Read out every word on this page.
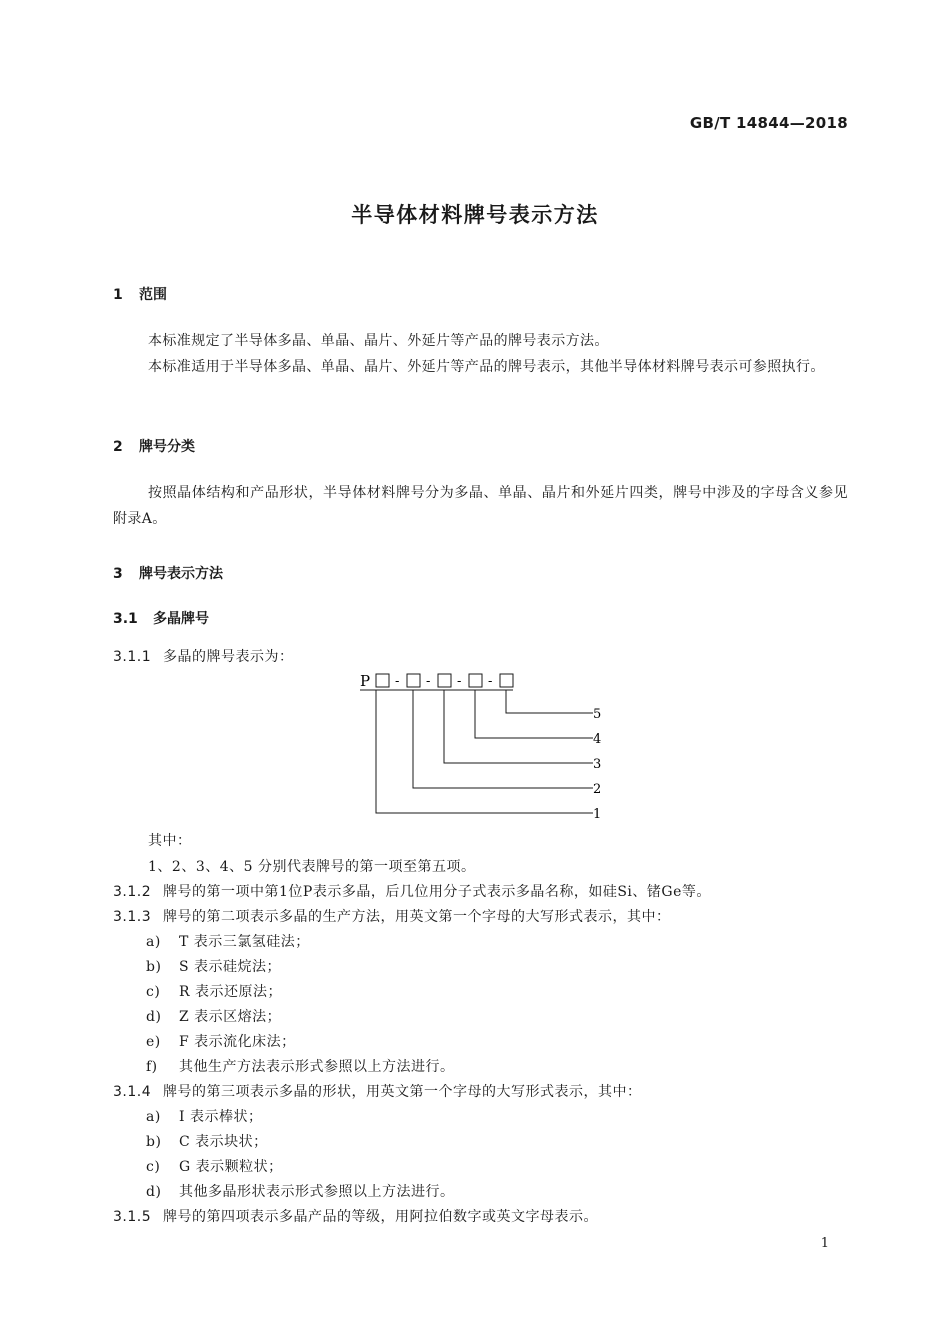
GB/T 14844—2018
半导体材料牌号表示方法
1 范围
本标准规定了半导体多晶、单晶、晶片、外延片等产品的牌号表示方法。
本标准适用于半导体多晶、单晶、晶片、外延片等产品的牌号表示，其他半导体材料牌号表示可参照执行。
2 牌号分类
按照晶体结构和产品形状，半导体材料牌号分为多晶、单晶、晶片和外延片四类，牌号中涉及的字母含义参见附录A。
3 牌号表示方法
3.1 多晶牌号
3.1.1 多晶的牌号表示为：
P - - - -
5
4
3
2
1
其中：
1、2、3、4、5 分别代表牌号的第一项至第五项。
3.1.2 牌号的第一项中第1位P表示多晶，后几位用分子式表示多晶名称，如硅Si、锗Ge等。
3.1.3 牌号的第二项表示多晶的生产方法，用英文第一个字母的大写形式表示，其中：
a) T 表示三氯氢硅法；
b) S 表示硅烷法；
c) R 表示还原法；
d) Z 表示区熔法；
e) F 表示流化床法；
f) 其他生产方法表示形式参照以上方法进行。
3.1.4 牌号的第三项表示多晶的形状，用英文第一个字母的大写形式表示，其中：
a) I 表示棒状；
b) C 表示块状；
c) G 表示颗粒状；
d) 其他多晶形状表示形式参照以上方法进行。
3.1.5 牌号的第四项表示多晶产品的等级，用阿拉伯数字或英文字母表示。
1
